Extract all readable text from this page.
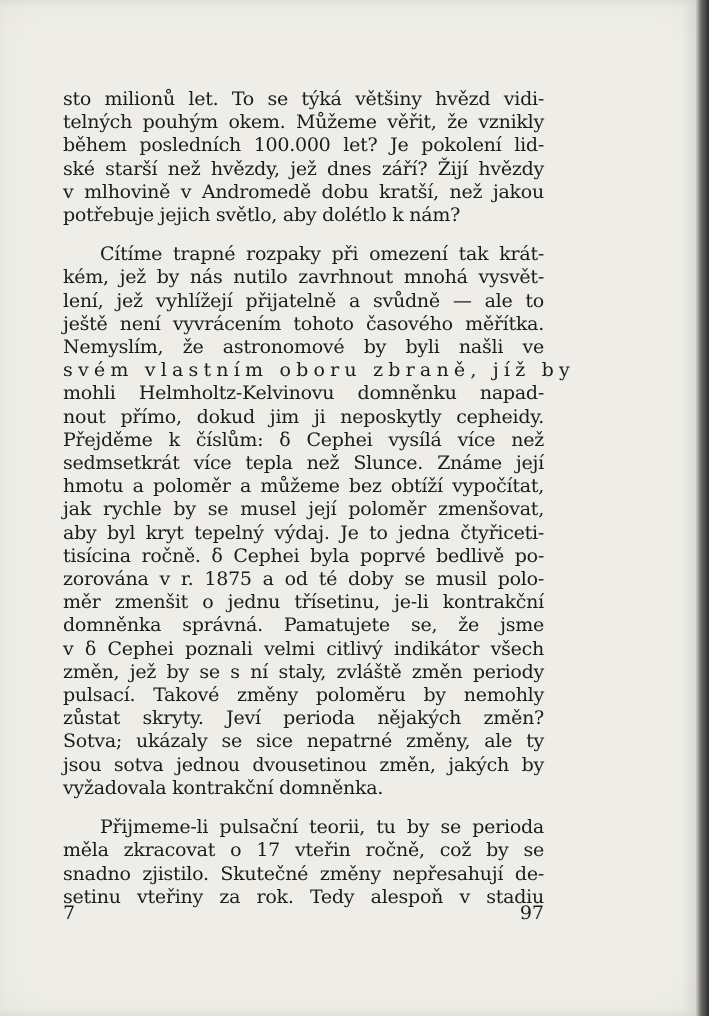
sto milionů let. To se týká většiny hvězd vidi-
telných pouhým okem. Můžeme věřit, že vznikly
během posledních 100.000 let? Je pokolení lid-
ské starší než hvězdy, jež dnes září? Žijí hvězdy
v mlhovině v Andromedě dobu kratší, než jakou
potřebuje jejich světlo, aby dolétlo k nám?
Cítíme trapné rozpaky při omezení tak krát-
kém, jež by nás nutilo zavrhnout mnohá vysvět-
lení, jež vyhlížejí přijatelně a svůdně — ale to
ještě není vyvrácením tohoto časového měřítka.
Nemyslím, že astronomové by byli našli ve
svém vlastním oboru zbraně, jíž by
mohli Helmholtz-Kelvinovu domněnku napad-
nout přímo, dokud jim ji neposkytly cepheidy.
Přejděme k číslům: δ Cephei vysílá více než
sedmsetkrát více tepla než Slunce. Známe její
hmotu a poloměr a můžeme bez obtíží vypočítat,
jak rychle by se musel její poloměr zmenšovat,
aby byl kryt tepelný výdaj. Je to jedna čtyřiceti-
tisícina ročně. δ Cephei byla poprvé bedlivě po-
zorována v r. 1875 a od té doby se musil polo-
měr zmenšit o jednu třísetinu, je-li kontrakční
domněnka správná. Pamatujete se, že jsme
v δ Cephei poznali velmi citlivý indikátor všech
změn, jež by se s ní staly, zvláště změn periody
pulsací. Takové změny poloměru by nemohly
zůstat skryty. Jeví perioda nějakých změn?
Sotva; ukázaly se sice nepatrné změny, ale ty
jsou sotva jednou dvousetinou změn, jakých by
vyžadovala kontrakční domněnka.
Přijmeme-li pulsační teorii, tu by se perioda
měla zkracovat o 17 vteřin ročně, což by se
snadno zjistilo. Skutečné změny nepřesahují de-
setinu vteřiny za rok. Tedy alespoň v stadiu
7	97
